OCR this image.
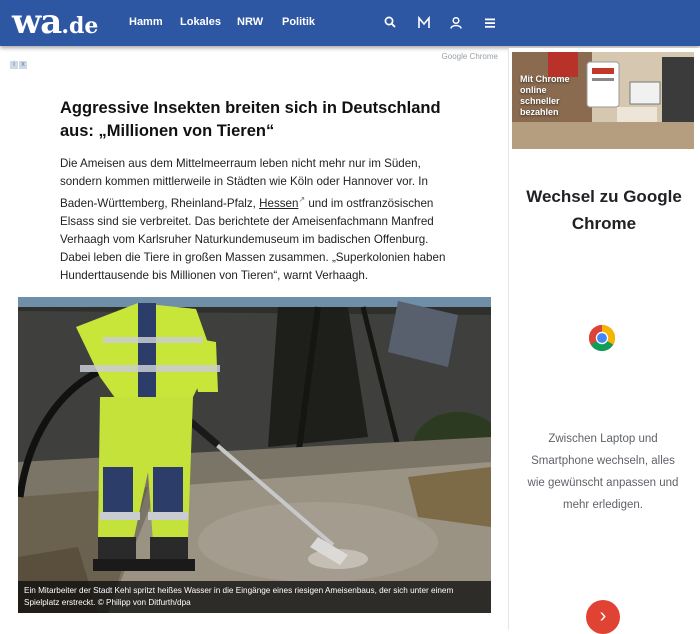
wa.de	Hamm Lokales NRW Politik
i x
Google Chrome
Aggressive Insekten breiten sich in Deutschland aus: „Millionen von Tieren“

Die Ameisen aus dem Mittelmeerraum leben nicht mehr nur im Süden, sondern kommen mittlerweile in Städten wie Köln oder Hannover vor. In Baden-Württemberg, Rheinland-Pfalz, Hessen↗ und im ostfranzösischen Elsass sind sie verbreitet. Das berichtete der Ameisenfachmann Manfred Verhaagh vom Karlsruher Naturkundemuseum im badischen Offenburg. Dabei leben die Tiere in großen Massen zusammen. „Superkolonien haben Hunderttausende bis Millionen von Tieren“, warnt Verhaagh.

Ein Mitarbeiter der Stadt Kehl spritzt heißes Wasser in die Eingänge eines riesigen Ameisenbaus, der sich unter einem Spielplatz erstreckt. © Philipp von Ditfurth/dpa
Mit Chrome online schneller bezahlen
Wechsel zu Google Chrome

Zwischen Laptop und Smartphone wechseln, alles wie gewünscht anpassen und mehr erledigen.

›
